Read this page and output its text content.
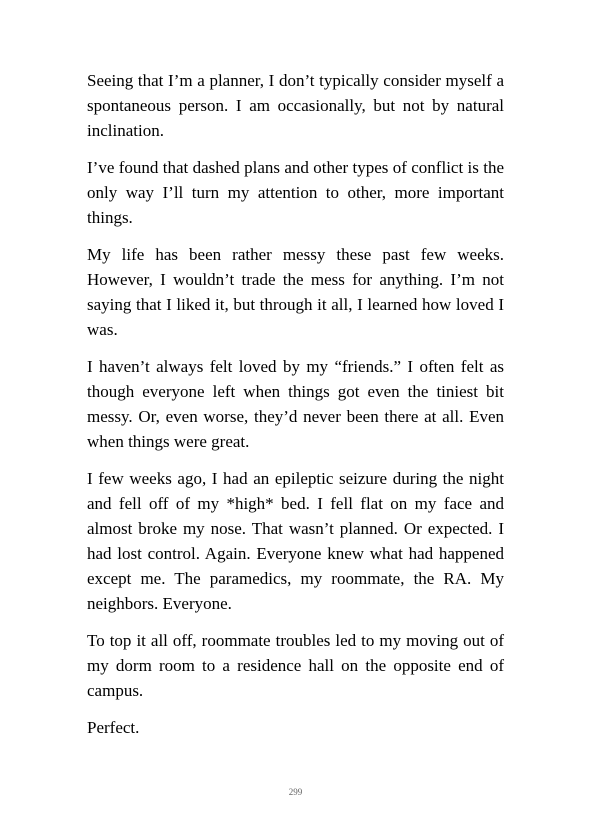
Seeing that I’m a planner, I don’t typically consider myself a spontaneous person. I am occasionally, but not by natural inclination.

I’ve found that dashed plans and other types of conflict is the only way I’ll turn my attention to other, more important things.

My life has been rather messy these past few weeks. However, I wouldn’t trade the mess for anything. I’m not saying that I liked it, but through it all, I learned how loved I was.

I haven’t always felt loved by my “friends.” I often felt as though everyone left when things got even the tiniest bit messy. Or, even worse, they’d never been there at all. Even when things were great.

I few weeks ago, I had an epileptic seizure during the night and fell off of my *high* bed. I fell flat on my face and almost broke my nose. That wasn’t planned. Or expected. I had lost control. Again. Everyone knew what had happened except me. The paramedics, my roommate, the RA. My neighbors. Everyone.

To top it all off, roommate troubles led to my moving out of my dorm room to a residence hall on the opposite end of campus.

Perfect.

299
